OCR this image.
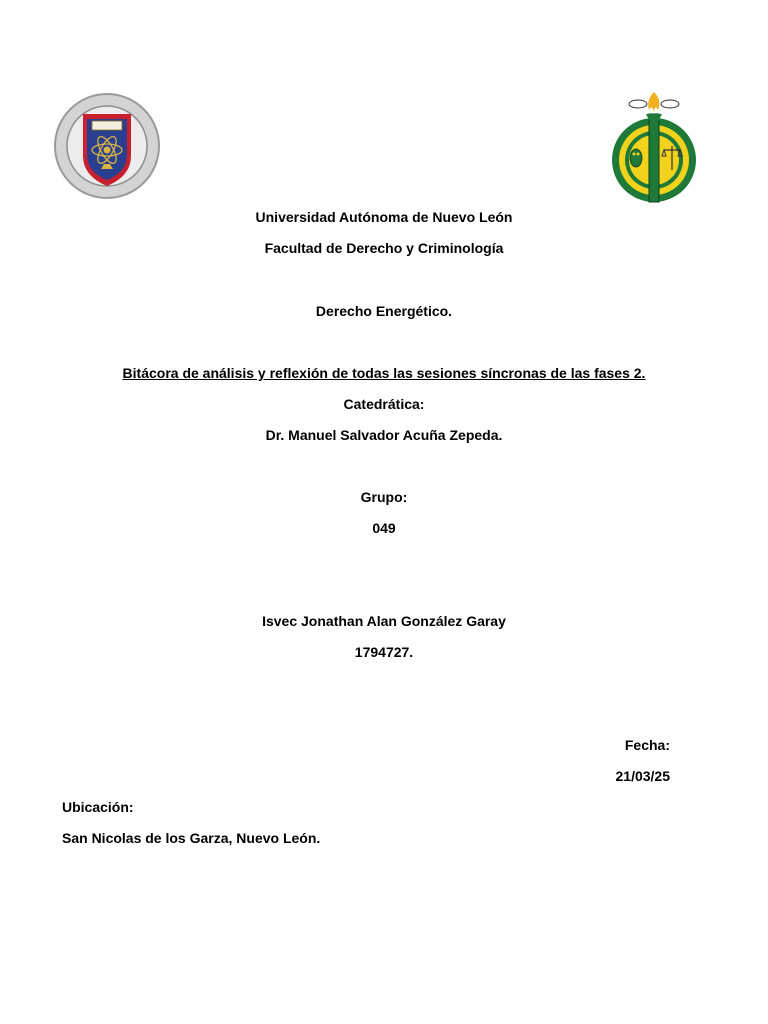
Universidad Autónoma de Nuevo León
Facultad de Derecho y Criminología
Derecho Energético.
Bitácora de análisis y reflexión de todas las sesiones síncronas de las fases 2.
Catedrática:
Dr. Manuel Salvador Acuña Zepeda.
Grupo:
049
Isvec Jonathan Alan González Garay
1794727.
Fecha:
21/03/25
Ubicación:
San Nicolas de los Garza, Nuevo León.
